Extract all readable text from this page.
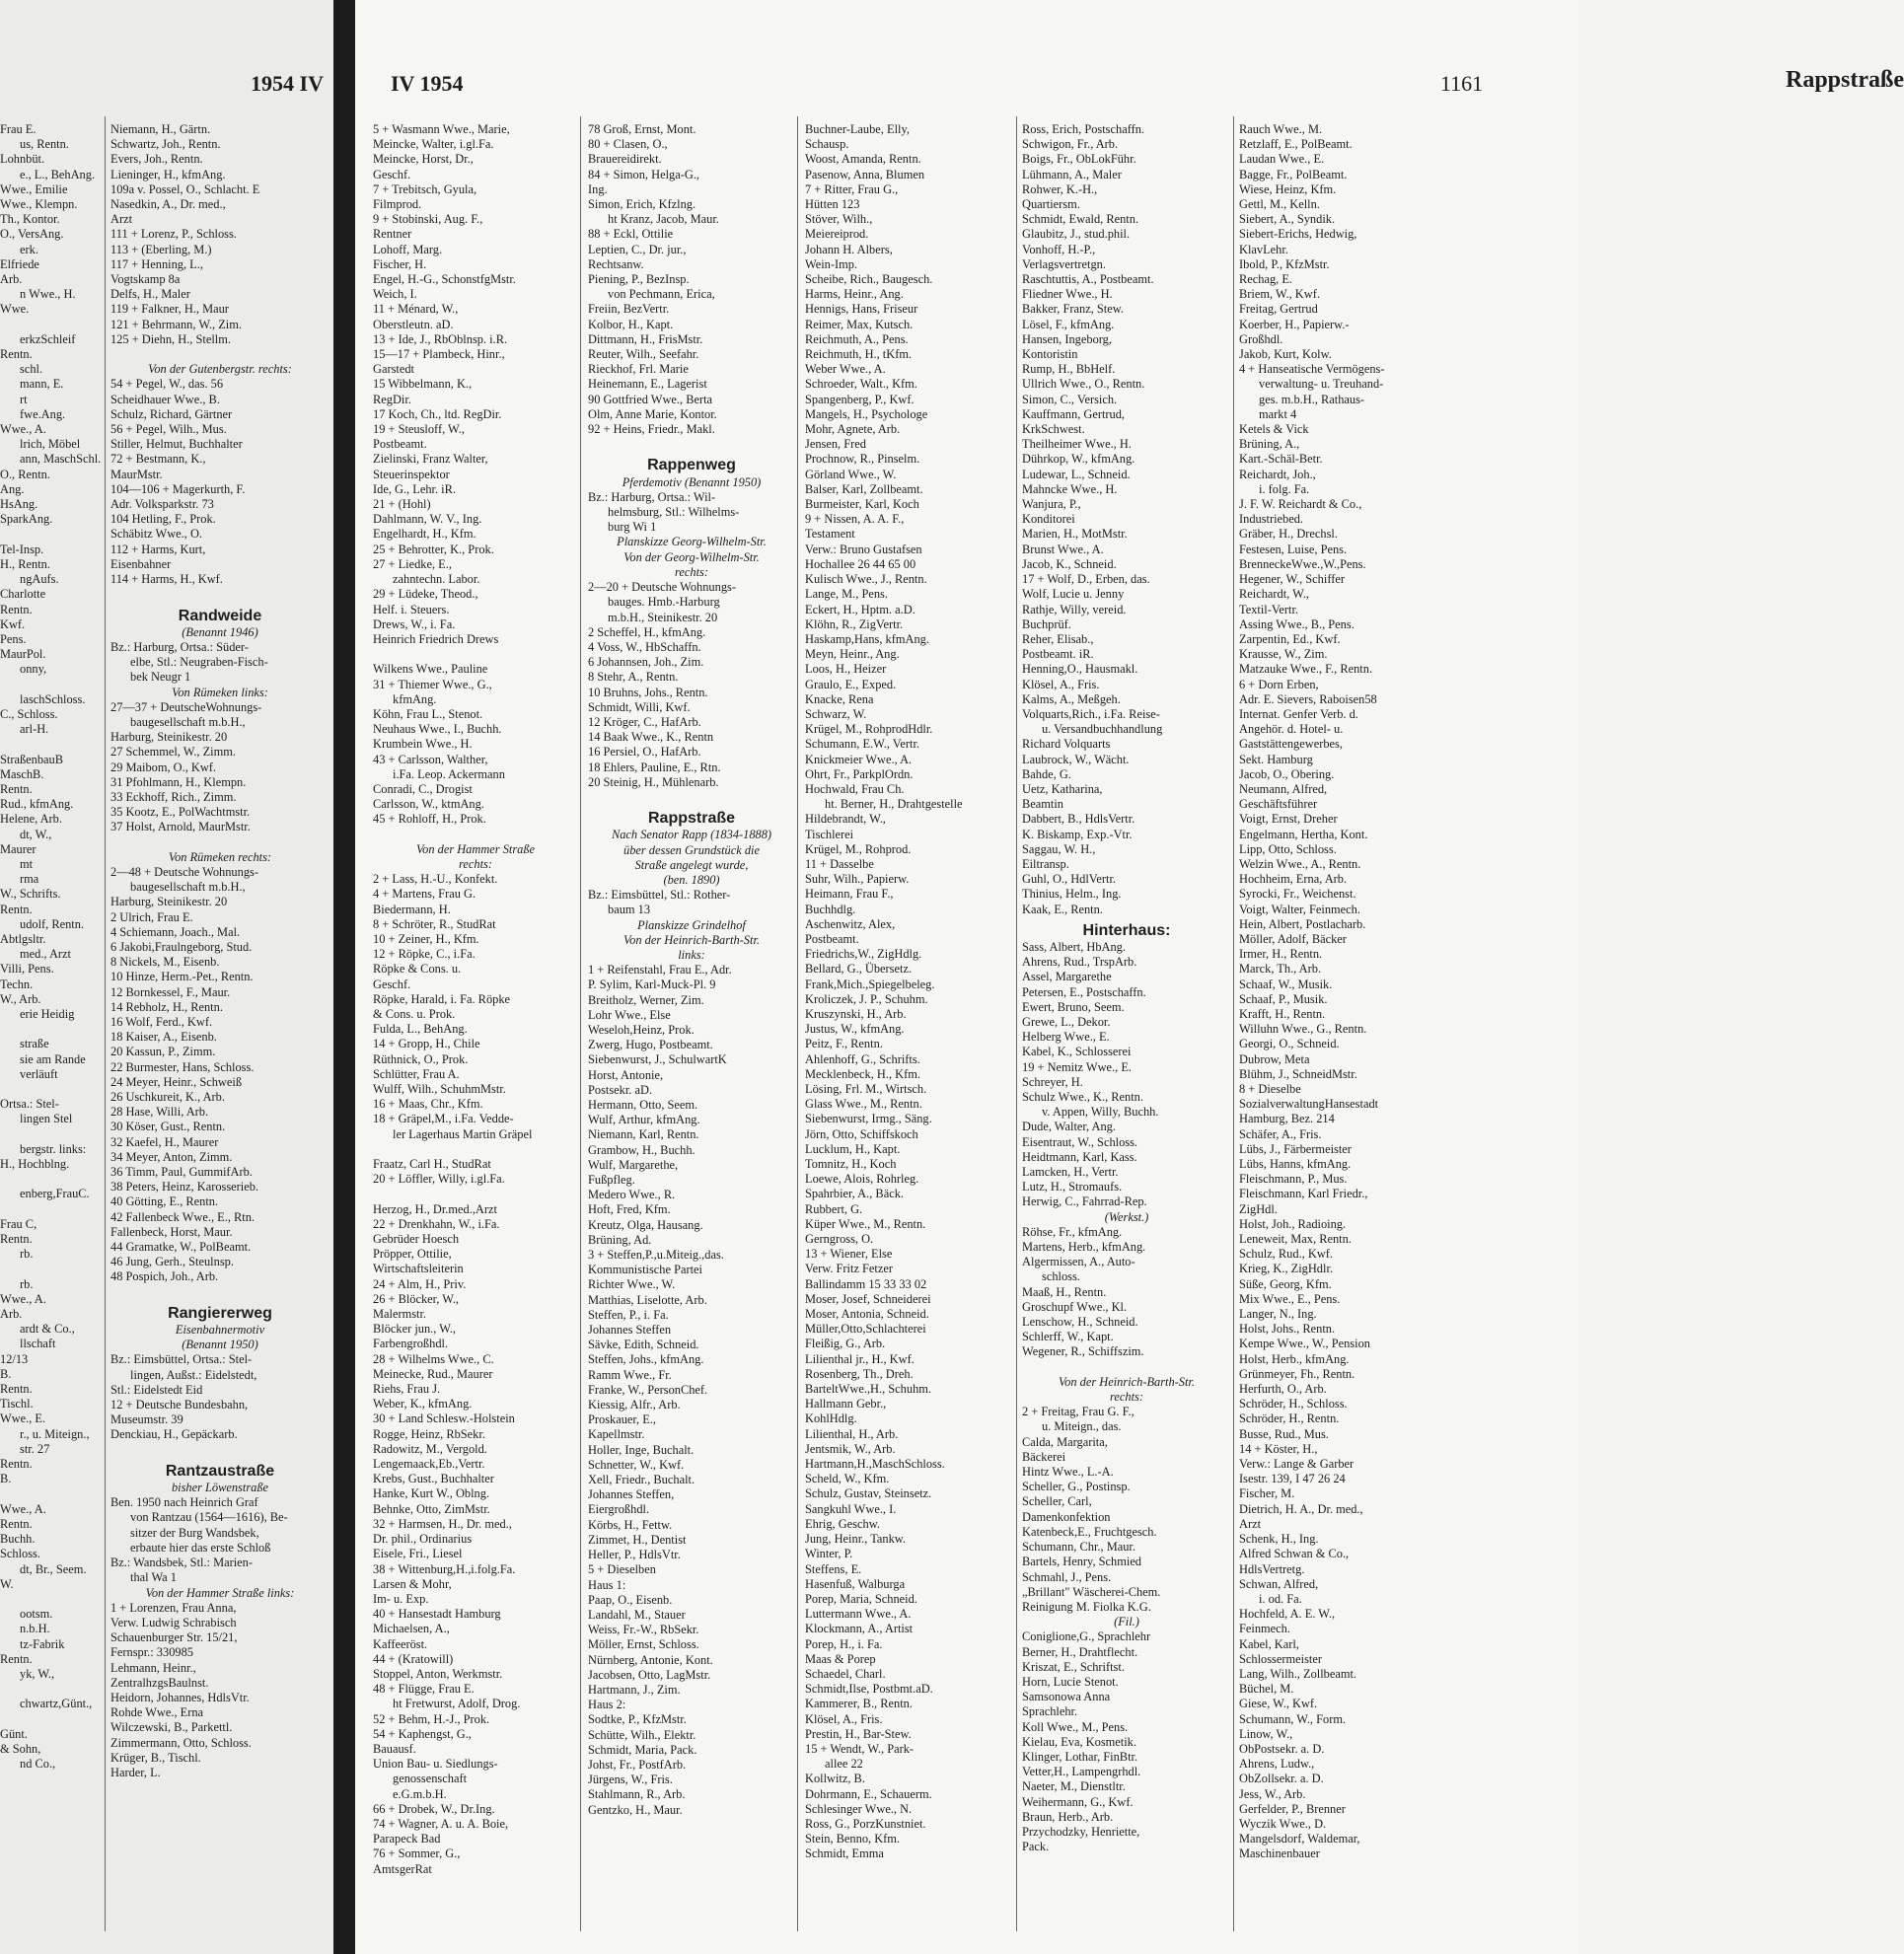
1954 IV
Frau E.
us, Rentn.
Lohnbüt.
e., L., BehAng.
Wwe., Emilie
Wwe., Klempn.
Th., Kontor.
O., VersAng.
erk.
Elfriede
Arb.
n Wwe., H.
Wwe.

erkzSchleif
Rentn.
schl.
mann, E.
rt
fwe.Ang.
Wwe., A.
lrich, Möbel
ann, MaschSchl.
O., Rentn.
Ang.
HsAng.
SparkAng.

Tel-Insp.
H., Rentn.
ngAufs.
Charlotte
Rentn.
Kwf.
Pens.
MaurPol.
onny,

laschSchloss.
C., Schloss.
arl-H.

StraßenbauB
MaschB.
Rentn.
Rud., kfmAng.
Helene, Arb.
dt, W.,
Maurer
mt
rma
W., Schrifts.
Rentn.
udolf, Rentn.
Abtlgsltr.
med., Arzt
Villi, Pens.
Techn.
W., Arb.
erie Heidig

straße
sie am Rande
verläuft

Ortsa.: Stel-
lingen Stel

bergstr. links:
H., Hochblng.

enberg,FrauC.

Frau C,
Rentn.
rb.

rb.
Wwe., A.
Arb.
ardt & Co.,
llschaft
12/13
B.
Rentn.
Tischl.
Wwe., E.
r., u. Miteign.,
str. 27
Rentn.
B.

Wwe., A.
Rentn.
Buchh.
Schloss.
dt, Br., Seem.
W.

ootsm.
n.b.H.
tz-Fabrik
Rentn.
yk, W.,

chwartz,Günt.,

Günt.
& Sohn,
nd Co.,
Niemann, H., Gärtn.
Schwartz, Joh., Rentn.
Evers, Joh., Rentn.
Lieninger, H., kfmAng.
109a v. Possel, O., Schlacht. E
Nasedkin, A., Dr. med.,
Arzt
111 + Lorenz, P., Schloss.
113 + (Eberling, M.)
117 + Henning, L.,
Vogtskamp 8a
Delfs, H., Maler
119 + Falkner, H., Maur
121 + Behrmann, W., Zim.
125 + Diehn, H., Stellm.

Von der Gutenbergstr. rechts:
54 + Pegel, W., das. 56
Scheidhauer Wwe., B.
Schulz, Richard, Gärtner
56 + Pegel, Wilh., Mus.
Stiller, Helmut, Buchhalter
72 + Bestmann, K.,
MaurMstr.
104—106 + Magerkurth, F.
Adr. Volksparkstr. 73
104 Hetling, F., Prok.
Schäbitz Wwe., O.
112 + Harms, Kurt,
Eisenbahner
114 + Harms, H., Kwf.

Randweide
(Benannt 1946)
Bz.: Harburg, Ortsa.: Süder-
elbe, Stl.: Neugraben-Fisch-
bek Neugr 1
Von Rümeken links:
27—37 + DeutscheWohnungs-
baugesellschaft m.b.H.,
Harburg, Steinikestr. 20
27 Schemmel, W., Zimm.
29 Maibom, O., Kwf.
31 Pfohlmann, H., Klempn.
33 Eckhoff, Rich., Zimm.
35 Kootz, E., PolWachtmstr.
37 Holst, Arnold, MaurMstr.

Von Rümeken rechts:
2—48 + Deutsche Wohnungs-
baugesellschaft m.b.H.,
Harburg, Steinikestr. 20
2 Ulrich, Frau E.
4 Schiemann, Joach., Mal.
6 Jakobi,Fraulngeborg, Stud.
8 Nickels, M., Eisenb.
10 Hinze, Herm.-Pet., Rentn.
12 Bornkessel, F., Maur.
14 Rebholz, H., Rentn.
16 Wolf, Ferd., Kwf.
18 Kaiser, A., Eisenb.
20 Kassun, P., Zimm.
22 Burmester, Hans, Schloss.
24 Meyer, Heinr., Schweiß
26 Uschkureit, K., Arb.
28 Hase, Willi, Arb.
30 Köser, Gust., Rentn.
32 Kaefel, H., Maurer
34 Meyer, Anton, Zimm.
36 Timm, Paul, GummifArb.
38 Peters, Heinz, Karosserieb.
40 Götting, E., Rentn.
42 Fallenbeck Wwe., E., Rtn.
Fallenbeck, Horst, Maur.
44 Gramatke, W., PolBeamt.
46 Jung, Gerh., Steulnsp.
48 Pospich, Joh., Arb.

Rangiererweg
Eisenbahnermotiv
(Benannt 1950)
Bz.: Eimsbüttel, Ortsa.: Stel-
lingen, Außst.: Eidelstedt,
Stl.: Eidelstedt Eid
12 + Deutsche Bundesbahn,
Museumstr. 39
Denckiau, H., Gepäckarb.

Rantzaustraße
bisher Löwenstraße
Ben. 1950 nach Heinrich Graf
von Rantzau (1564—1616), Be-
sitzer der Burg Wandsbek,
erbaute hier das erste Schloß
Bz.: Wandsbek, Stl.: Marien-
thal Wa 1
Von der Hammer Straße links:
1 + Lorenzen, Frau Anna,
Verw. Ludwig Schrabisch
Schauenburger Str. 15/21,
Fernspr.: 330985
Lehmann, Heinr.,
ZentralhzgsBaulnst.
Heidorn, Johannes, HdlsVtr.
Rohde Wwe., Erna
Wilczewski, B., Parkettl.
Zimmermann, Otto, Schloss.
Krüger, B., Tischl.
Harder, L.
IV 1954	1161	Rappstraße
5 + Wasmann Wwe., Marie,
Meincke, Walter, i.gl.Fa.
Meincke, Horst, Dr.,
Geschf.
7 + Trebitsch, Gyula,
Filmprod.
9 + Stobinski, Aug. F.,
Rentner
Lohoff, Marg.
Fischer, H.
Engel, H.-G., SchonstfgMstr.
Weich, I.
11 + Ménard, W.,
Oberstleutn. aD.
13 + Ide, J., RbOblnsp. i.R.
15—17 + Plambeck, Hinr.,
Garstedt
15 Wibbelmann, K.,
RegDir.
17 Koch, Ch., ltd. RegDir.
19 + Steusloff, W.,
Postbeamt.
Zielinski, Franz Walter,
Steuerinspektor
Ide, G., Lehr. iR.
21 + (Hohl)
Dahlmann, W. V., Ing.
Engelhardt, H., Kfm.
25 + Behrotter, K., Prok.
27 + Liedke, E.,
zahntechn. Labor.
29 + Lüdeke, Theod.,
Helf. i. Steuers.
Drews, W., i. Fa.
Heinrich Friedrich Drews

Wilkens Wwe., Pauline
31 + Thiemer Wwe., G.,
kfmAng.
Köhn, Frau L., Stenot.
Neuhaus Wwe., I., Buchh.
Krumbein Wwe., H.
43 + Carlsson, Walther,
i.Fa. Leop. Ackermann
Conradi, C., Drogist
Carlsson, W., ktmAng.
45 + Rohloff, H., Prok.

Von der Hammer Straße
rechts:
2 + Lass, H.-U., Konfekt.
4 + Martens, Frau G.
Biedermann, H.
8 + Schröter, R., StudRat
10 + Zeiner, H., Kfm.
12 + Röpke, C., i.Fa.
Röpke & Cons. u.
Geschf.
Röpke, Harald, i. Fa. Röpke
& Cons. u. Prok.
Fulda, L., BehAng.
14 + Gropp, H., Chile
Rüthnick, O., Prok.
Schlütter, Frau A.
Wulff, Wilh., SchuhmMstr.
16 + Maas, Chr., Kfm.
18 + Gräpel,M., i.Fa. Vedde-
ler Lagerhaus Martin Gräpel

Fraatz, Carl H., StudRat
20 + Löffler, Willy, i.gl.Fa.

Herzog, H., Dr.med.,Arzt
22 + Drenkhahn, W., i.Fa.
Gebrüder Hoesch
Pröpper, Ottilie,
Wirtschaftsleiterin
24 + Alm, H., Priv.
26 + Blöcker, W.,
Malermstr.
Blöcker jun., W.,
Farbengroßhdl.
28 + Wilhelms Wwe., C.
Meinecke, Rud., Maurer
Riehs, Frau J.
Weber, K., kfmAng.
30 + Land Schlesw.-Holstein
Rogge, Heinz, RbSekr.
Radowitz, M., Vergold.
Lengemaack,Eb.,Vertr.
Krebs, Gust., Buchhalter
Hanke, Kurt W., Oblng.
Behnke, Otto, ZimMstr.
32 + Harmsen, H., Dr. med.,
Dr. phil., Ordinarius
Eisele, Fri., Liesel
38 + Wittenburg,H.,i.folg.Fa.
Larsen & Mohr,
Im- u. Exp.
40 + Hansestadt Hamburg
Michaelsen, A.,
Kaffeeröst.
44 + (Kratowill)
Stoppel, Anton, Werkmstr.
48 + Flügge, Frau E.
ht Fretwurst, Adolf, Drog.
52 + Behm, H.-J., Prok.
54 + Kaphengst, G.,
Bauausf.
Union Bau- u. Siedlungs-
genossenschaft
e.G.m.b.H.
66 + Drobek, W., Dr.Ing.
74 + Wagner, A. u. A. Boie,
Parapeck Bad
76 + Sommer, G.,
AmtsgerRat
78 Groß, Ernst, Mont.
80 + Clasen, O.,
Brauereidirekt.
84 + Simon, Helga-G.,
Ing.
Simon, Erich, Kfzlng.
ht Kranz, Jacob, Maur.
88 + Eckl, Ottilie
Leptien, C., Dr. jur.,
Rechtsanw.
Piening, P., BezInsp.
von Pechmann, Erica,
Freiin, BezVertr.
Kolbor, H., Kapt.
Dittmann, H., FrisMstr.
Reuter, Wilh., Seefahr.
Rieckhof, Frl. Marie
Heinemann, E., Lagerist
90 Gottfried Wwe., Berta
Olm, Anne Marie, Kontor.
92 + Heins, Friedr., Makl.

Rappenweg
Pferdemotiv (Benannt 1950)
Bz.: Harburg, Ortsa.: Wil-
helmsburg, Stl.: Wilhelms-
burg Wi 1
Planskizze Georg-Wilhelm-Str.
Von der Georg-Wilhelm-Str.
rechts:
2—20 + Deutsche Wohnungs-
bauges. Hmb.-Harburg
m.b.H., Steinikestr. 20
2 Scheffel, H., kfmAng.
4 Voss, W., HbSchaffn.
6 Johannsen, Joh., Zim.
8 Stehr, A., Rentn.
10 Bruhns, Johs., Rentn.
Schmidt, Willi, Kwf.
12 Kröger, C., HafArb.
14 Baak Wwe., K., Rentn
16 Persiel, O., HafArb.
18 Ehlers, Pauline, E., Rtn.
20 Steinig, H., Mühlenarb.

Rappstraße
Nach Senator Rapp (1834-1888)
über dessen Grundstück die
Straße angelegt wurde,
(ben. 1890)
Bz.: Eimsbüttel, Stl.: Rother-
baum 13
Planskizze Grindelhof
Von der Heinrich-Barth-Str.
links:
1 + Reifenstahl, Frau E., Adr.
P. Sylim, Karl-Muck-Pl. 9
Breitholz, Werner, Zim.
Lohr Wwe., Else
Weseloh,Heinz, Prok.
Zwerg, Hugo, Postbeamt.
Siebenwurst, J., SchulwartK
Horst, Antonie,
Postsekr. aD.
Hermann, Otto, Seem.
Wulf, Arthur, kfmAng.
Niemann, Karl, Rentn.
Grambow, H., Buchh.
Wulf, Margarethe,
Fußpfleg.
Medero Wwe., R.
Hoft, Fred, Kfm.
Kreutz, Olga, Hausang.
Brüning, Ad.
3 + Steffen,P.,u.Miteig.,das.
Kommunistische Partei
Richter Wwe., W.
Matthias, Liselotte, Arb.
Steffen, P., i. Fa.
Johannes Steffen
Sävke, Edith, Schneid.
Steffen, Johs., kfmAng.
Ramm Wwe., Fr.
Franke, W., PersonChef.
Kiessig, Alfr., Arb.
Proskauer, E.,
Kapellmstr.
Holler, Inge, Buchalt.
Schnetter, W., Kwf.
Xell, Friedr., Buchalt.
Johannes Steffen,
Eiergroßhdl.
Körbs, H., Fettw.
Zimmet, H., Dentist
Heller, P., HdlsVtr.
5 + Dieselben
Haus 1:
Paap, O., Eisenb.
Landahl, M., Stauer
Weiss, Fr.-W., RbSekr.
Möller, Ernst, Schloss.
Nürnberg, Antonie, Kont.
Jacobsen, Otto, LagMstr.
Hartmann, J., Zim.
Haus 2:
Sodtke, P., KfzMstr.
Schütte, Wilh., Elektr.
Schmidt, Maria, Pack.
Johst, Fr., PostfArb.
Jürgens, W., Fris.
Stahlmann, R., Arb.
Gentzko, H., Maur.
Buchner-Laube, Elly,
Schausp.
Woost, Amanda, Rentn.
Pasenow, Anna, Blumen
7 + Ritter, Frau G.,
Hütten 123
Stöver, Wilh.,
Meiereiprod.
Johann H. Albers,
Wein-Imp.
Scheibe, Rich., Baugesch.
Harms, Heinr., Ang.
Hennigs, Hans, Friseur
Reimer, Max, Kutsch.
Reichmuth, A., Pens.
Reichmuth, H., tKfm.
Weber Wwe., A.
Schroeder, Walt., Kfm.
Spangenberg, P., Kwf.
Mangels, H., Psychologe
Mohr, Agnete, Arb.
Jensen, Fred
Prochnow, R., Pinselm.
Görland Wwe., W.
Balser, Karl, Zollbeamt.
Burmeister, Karl, Koch
9 + Nissen, A. A. F.,
Testament
Verw.: Bruno Gustafsen
Hochallee 26 44 65 00
Kulisch Wwe., J., Rentn.
Lange, M., Pens.
Eckert, H., Hptm. a.D.
Klöhn, R., ZigVertr.
Haskamp,Hans, kfmAng.
Meyn, Heinr., Ang.
Loos, H., Heizer
Graulo, E., Exped.
Knacke, Rena
Schwarz, W.
Krügel, M., RohprodHdlr.
Schumann, E.W., Vertr.
Knickmeier Wwe., A.
Ohrt, Fr., ParkplOrdn.
Hochwald, Frau Ch.
ht. Berner, H., Drahtgestelle
Hildebrandt, W.,
Tischlerei
Krügel, M., Rohprod.
11 + Dasselbe
Suhr, Wilh., Papierw.
Heimann, Frau F.,
Buchhdlg.
Aschenwitz, Alex,
Postbeamt.
Friedrichs,W., ZigHdlg.
Bellard, G., Übersetz.
Frank,Mich.,Spiegelbeleg.
Kroliczek, J. P., Schuhm.
Kruszynski, H., Arb.
Justus, W., kfmAng.
Peitz, F., Rentn.
Ahlenhoff, G., Schrifts.
Mecklenbeck, H., Kfm.
Lösing, Frl. M., Wirtsch.
Glass Wwe., M., Rentn.
Siebenwurst, Irmg., Säng.
Jörn, Otto, Schiffskoch
Lucklum, H., Kapt.
Tomnitz, H., Koch
Loewe, Alois, Rohrleg.
Spahrbier, A., Bäck.
Rubbert, G.
Küper Wwe., M., Rentn.
Gerngross, O.
13 + Wiener, Else
Verw. Fritz Fetzer
Ballindamm 15 33 33 02
Moser, Josef, Schneiderei
Moser, Antonia, Schneid.
Müller,Otto,Schlachterei
Fleißig, G., Arb.
Lilienthal jr., H., Kwf.
Rosenberg, Th., Dreh.
BarteltWwe.,H., Schuhm.
Hallmann Gebr.,
KohlHdlg.
Lilienthal, H., Arb.
Jentsmik, W., Arb.
Hartmann,H.,MaschSchloss.
Scheld, W., Kfm.
Schulz, Gustav, Steinsetz.
Sangkuhl Wwe., I.
Ehrig, Geschw.
Jung, Heinr., Tankw.
Winter, P.
Steffens, E.
Hasenfuß, Walburga
Porep, Maria, Schneid.
Luttermann Wwe., A.
Klockmann, A., Artist
Porep, H., i. Fa.
Maas & Porep
Schaedel, Charl.
Schmidt,Ilse, Postbmt.aD.
Kammerer, B., Rentn.
Klösel, A., Fris.
Prestin, H., Bar-Stew.
15 + Wendt, W., Park-
allee 22
Kollwitz, B.
Dohrmann, E., Schauerm.
Schlesinger Wwe., N.
Ross, G., PorzKunstniet.
Stein, Benno, Kfm.
Schmidt, Emma
Ross, Erich, Postschaffn.
Schwigon, Fr., Arb.
Boigs, Fr., ObLokFühr.
Lühmann, A., Maler
Rohwer, K.-H.,
Quartiersm.
Schmidt, Ewald, Rentn.
Glaubitz, J., stud.phil.
Vonhoff, H.-P.,
Verlagsvertretgn.
Raschtuttis, A., Postbeamt.
Fliedner Wwe., H.
Bakker, Franz, Stew.
Lösel, F., kfmAng.
Hansen, Ingeborg,
Kontoristin
Rump, H., BbHelf.
Ullrich Wwe., O., Rentn.
Simon, C., Versich.
Kauffmann, Gertrud,
KrkSchwest.
Theilheimer Wwe., H.
Dührkop, W., kfmAng.
Ludewar, L., Schneid.
Mahncke Wwe., H.
Wanjura, P.,
Konditorei
Marien, H., MotMstr.
Brunst Wwe., A.
Jacob, K., Schneid.
17 + Wolf, D., Erben, das.
Wolf, Lucie u. Jenny
Rathje, Willy, vereid.
Buchprüf.
Reher, Elisab.,
Postbeamt. iR.
Henning,O., Hausmakl.
Klösel, A., Fris.
Kalms, A., Meßgeh.
Volquarts,Rich., i.Fa. Reise-
u. Versandbuchhandlung
Richard Volquarts
Laubrock, W., Wächt.
Bahde, G.
Uetz, Katharina,
Beamtin
Dabbert, B., HdlsVertr.
K. Biskamp, Exp.-Vtr.
Saggau, W. H.,
Eiltransp.
Guhl, O., HdlVertr.
Thinius, Helm., Ing.
Kaak, E., Rentn.
Hinterhaus:
Sass, Albert, HbAng.
Ahrens, Rud., TrspArb.
Assel, Margarethe
Petersen, E., Postschaffn.
Ewert, Bruno, Seem.
Grewe, L., Dekor.
Helberg Wwe., E.
Kabel, K., Schlosserei
19 + Nemitz Wwe., E.
Schreyer, H.
Schulz Wwe., K., Rentn.
v. Appen, Willy, Buchh.
Dude, Walter, Ang.
Eisentraut, W., Schloss.
Heidtmann, Karl, Kass.
Lamcken, H., Vertr.
Lutz, H., Stromaufs.
Herwig, C., Fahrrad-Rep.
(Werkst.)
Röhse, Fr., kfmAng.
Martens, Herb., kfmAng.
Algermissen, A., Auto-
schloss.
Maaß, H., Rentn.
Groschupf Wwe., Kl.
Lenschow, H., Schneid.
Schlerff, W., Kapt.
Wegener, R., Schiffszim.

Von der Heinrich-Barth-Str.
rechts:
2 + Freitag, Frau G. F.,
u. Miteign., das.
Calda, Margarita,
Bäckerei
Hintz Wwe., L.-A.
Scheller, G., Postinsp.
Scheller, Carl,
Damenkonfektion
Katenbeck,E., Fruchtgesch.
Schumann, Chr., Maur.
Bartels, Henry, Schmied
Schmahl, J., Pens.
„Brillant" Wäscherei-Chem.
Reinigung M. Fiolka K.G.
(Fil.)
Coniglione,G., Sprachlehr
Berner, H., Drahtflecht.
Kriszat, E., Schriftst.
Horn, Lucie Stenot.
Samsonowa Anna
Sprachlehr.
Koll Wwe., M., Pens.
Kielau, Eva, Kosmetik.
Klinger, Lothar, FinBtr.
Vetter,H., Lampengrhdl.
Naeter, M., Dienstltr.
Weihermann, G., Kwf.
Braun, Herb., Arb.
Przychodzky, Henriette,
Pack.
Rauch Wwe., M.
Retzlaff, E., PolBeamt.
Laudan Wwe., E.
Bagge, Fr., PolBeamt.
Wiese, Heinz, Kfm.
Gettl, M., Kelln.
Siebert, A., Syndik.
Siebert-Erichs, Hedwig,
KlavLehr.
Ibold, P., KfzMstr.
Rechag, E.
Briem, W., Kwf.
Freitag, Gertrud
Koerber, H., Papierw.-
Großhdl.
Jakob, Kurt, Kolw.
4 + Hanseatische Vermögens-
verwaltung- u. Treuhand-
ges. m.b.H., Rathaus-
markt 4
Ketels & Vick
Brüning, A.,
Kart.-Schäl-Betr.
Reichardt, Joh.,
i. folg. Fa.
J. F. W. Reichardt & Co.,
Industriebed.
Gräber, H., Drechsl.
Festesen, Luise, Pens.
BrenneckeWwe.,W.,Pens.
Hegener, W., Schiffer
Reichardt, W.,
Textil-Vertr.
Assing Wwe., B., Pens.
Zarpentin, Ed., Kwf.
Krausse, W., Zim.
Matzauke Wwe., F., Rentn.
6 + Dorn Erben,
Adr. E. Sievers, Raboisen58
Internat. Genfer Verb. d.
Angehör. d. Hotel- u.
Gaststättengewerbes,
Sekt. Hamburg
Jacob, O., Obering.
Neumann, Alfred,
Geschäftsführer
Voigt, Ernst, Dreher
Engelmann, Hertha, Kont.
Lipp, Otto, Schloss.
Welzin Wwe., A., Rentn.
Hochheim, Erna, Arb.
Syrocki, Fr., Weichenst.
Voigt, Walter, Feinmech.
Hein, Albert, Postlacharb.
Möller, Adolf, Bäcker
Irmer, H., Rentn.
Marck, Th., Arb.
Schaaf, W., Musik.
Schaaf, P., Musik.
Krafft, H., Rentn.
Willuhn Wwe., G., Rentn.
Georgi, O., Schneid.
Dubrow, Meta
Blühm, J., SchneidMstr.
8 + Dieselbe
SozialverwaltungHansestadt
Hamburg, Bez. 214
Schäfer, A., Fris.
Lübs, J., Färbermeister
Lübs, Hanns, kfmAng.
Fleischmann, P., Mus.
Fleischmann, Karl Friedr.,
ZigHdl.
Holst, Joh., Radioing.
Leneweit, Max, Rentn.
Schulz, Rud., Kwf.
Krieg, K., ZigHdlr.
Süße, Georg, Kfm.
Mix Wwe., E., Pens.
Langer, N., Ing.
Holst, Johs., Rentn.
Kempe Wwe., W., Pension
Holst, Herb., kfmAng.
Grünmeyer, Fh., Rentn.
Herfurth, O., Arb.
Schröder, H., Schloss.
Schröder, H., Rentn.
Busse, Rud., Mus.
14 + Köster, H.,
Verw.: Lange & Garber
Isestr. 139, I 47 26 24
Fischer, M.
Dietrich, H. A., Dr. med.,
Arzt
Schenk, H., Ing.
Alfred Schwan & Co.,
HdlsVertretg.
Schwan, Alfred,
i. od. Fa.
Hochfeld, A. E. W.,
Feinmech.
Kabel, Karl,
Schlossermeister
Lang, Wilh., Zollbeamt.
Büchel, M.
Giese, W., Kwf.
Schumann, W., Form.
Linow, W.,
ObPostsekr. a. D.
Ahrens, Ludw.,
ObZollsekr. a. D.
Jess, W., Arb.
Gerfelder, P., Brenner
Wyczik Wwe., D.
Mangelsdorf, Waldemar,
Maschinenbauer
